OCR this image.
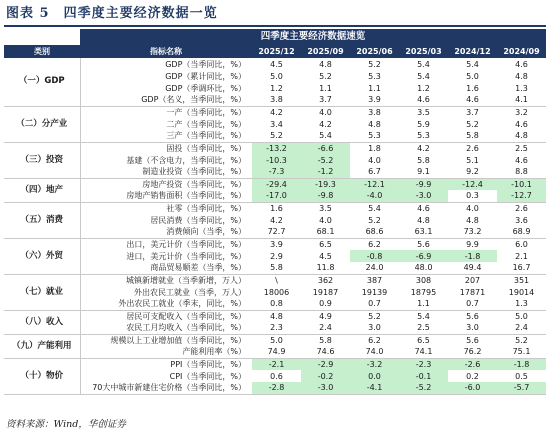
图表 5 四季度主要经济数据一览
	四季度主要经济数据速览						
类别	指标名称	2025/12	2025/09	2025/06	2025/03	2024/12	2024/09
（一）GDP	GDP（当季同比，%）	4.5	4.8	5.2	5.4	5.4	4.6
	GDP（累计同比，%）	5.0	5.2	5.3	5.4	5.0	4.8
	GDP（季调环比，%）	1.2	1.1	1.1	1.2	1.6	1.3
	GDP（名义，当季同比，%）	3.8	3.7	3.9	4.6	4.6	4.1
（二）分产业	一产（当季同比，%）	4.2	4.0	3.8	3.5	3.7	3.2
	二产（当季同比，%）	3.4	4.2	4.8	5.9	5.2	4.6
	三产（当季同比，%）	5.2	5.4	5.3	5.3	5.8	4.8
（三）投资	固投（当季同比，%）	-13.2	-6.6	1.8	4.2	2.6	2.5
	基建（不含电力，当季同比，%）	-10.3	-5.2	4.0	5.8	5.1	4.6
	制造业投资（当季同比，%）	-7.3	-1.2	6.7	9.1	9.2	8.8
（四）地产	房地产投资（当季同比，%）	-29.4	-19.3	-12.1	-9.9	-12.4	-10.1
	房地产销售面积（当季同比，%）	-17.0	-9.8	-4.0	-3.0	0.3	-12.7
（五）消费	社零（当季同比，%）	1.6	3.5	5.4	4.6	4.0	2.6
	居民消费（当季同比，%）	4.2	4.0	5.2	4.8	4.8	3.6
	消费倾向（当季，%）	72.7	68.1	68.6	63.1	73.2	68.9
（六）外贸	出口，美元计价（当季同比，%）	3.9	6.5	6.2	5.6	9.9	6.0
	进口，美元计价（当季同比，%）	2.9	4.5	-0.8	-6.9	-1.8	2.1
	商品贸易顺差（当季，%）	5.8	11.8	24.0	48.0	49.4	16.7
（七）就业	城镇新增就业（当季新增，万人）	\	362	387	308	207	351
	外出农民工就业（当季，万人）	18006	19187	19139	18795	17871	19014
	外出农民工就业（季末，同比，%）	0.8	0.9	0.7	1.1	0.7	1.3
（八）收入	居民可支配收入（当季同比，%）	4.8	4.9	5.2	5.4	5.6	5.0
	农民工月均收入（当季同比，%）	2.3	2.4	3.0	2.5	3.0	2.4
（九）产能利用	规模以上工业增加值（当季同比，%）	5.0	5.8	6.2	6.5	5.6	5.2
	产能利用率（%）	74.9	74.6	74.0	74.1	76.2	75.1
（十）物价	PPI（当季同比，%）	-2.1	-2.9	-3.2	-2.3	-2.6	-1.8
	CPI（当季同比，%）	0.6	-0.2	0.0	-0.1	0.2	0.5
	70大中城市新建住宅价格（当季同比，%）	-2.8	-3.0	-4.1	-5.2	-6.0	-5.7
资料来源：Wind，华创证券
